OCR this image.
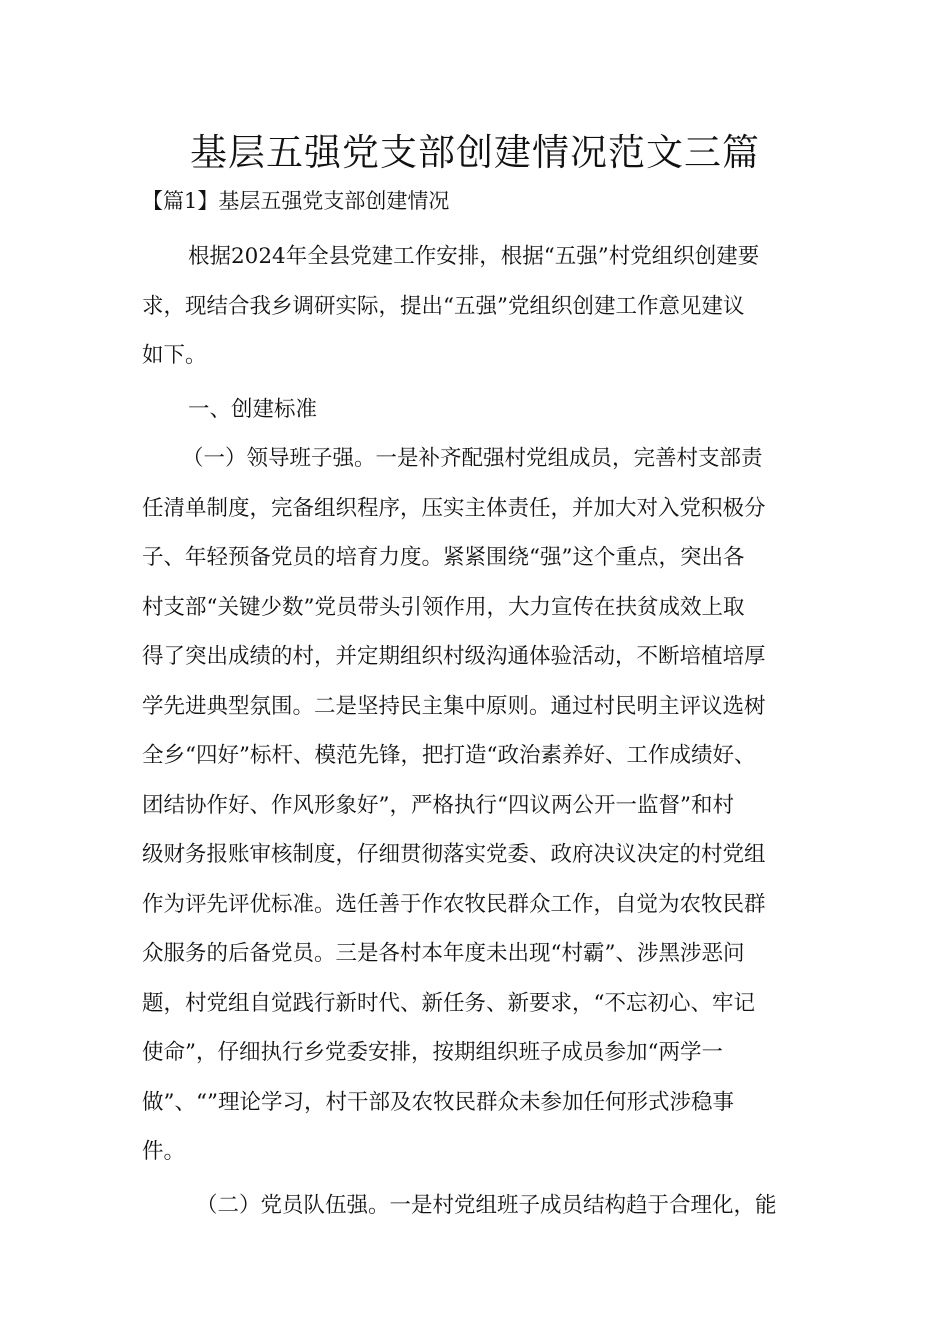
基层五强党支部创建情况范文三篇

【篇1】基层五强党支部创建情况

根据2024年全县党建工作安排，根据“五强”村党组织创建要
求，现结合我乡调研实际，提出“五强”党组织创建工作意见建议
如下。
一、创建标准
（一）领导班子强。一是补齐配强村党组成员，完善村支部责
任清单制度，完备组织程序，压实主体责任，并加大对入党积极分
子、年轻预备党员的培育力度。紧紧围绕“强”这个重点，突出各
村支部“关键少数”党员带头引领作用，大力宣传在扶贫成效上取
得了突出成绩的村，并定期组织村级沟通体验活动，不断培植培厚
学先进典型氛围。二是坚持民主集中原则。通过村民明主评议选树
全乡“四好”标杆、模范先锋，把打造“政治素养好、工作成绩好、
团结协作好、作风形象好”，严格执行“四议两公开一监督”和村
级财务报账审核制度，仔细贯彻落实党委、政府决议决定的村党组
作为评先评优标准。选任善于作农牧民群众工作，自觉为农牧民群
众服务的后备党员。三是各村本年度未出现“村霸”、涉黑涉恶问
题，村党组自觉践行新时代、新任务、新要求，“不忘初心、牢记
使命”，仔细执行乡党委安排，按期组织班子成员参加“两学一
做”、“”理论学习，村干部及农牧民群众未参加任何形式涉稳事
件。
（二）党员队伍强。一是村党组班子成员结构趋于合理化，能
